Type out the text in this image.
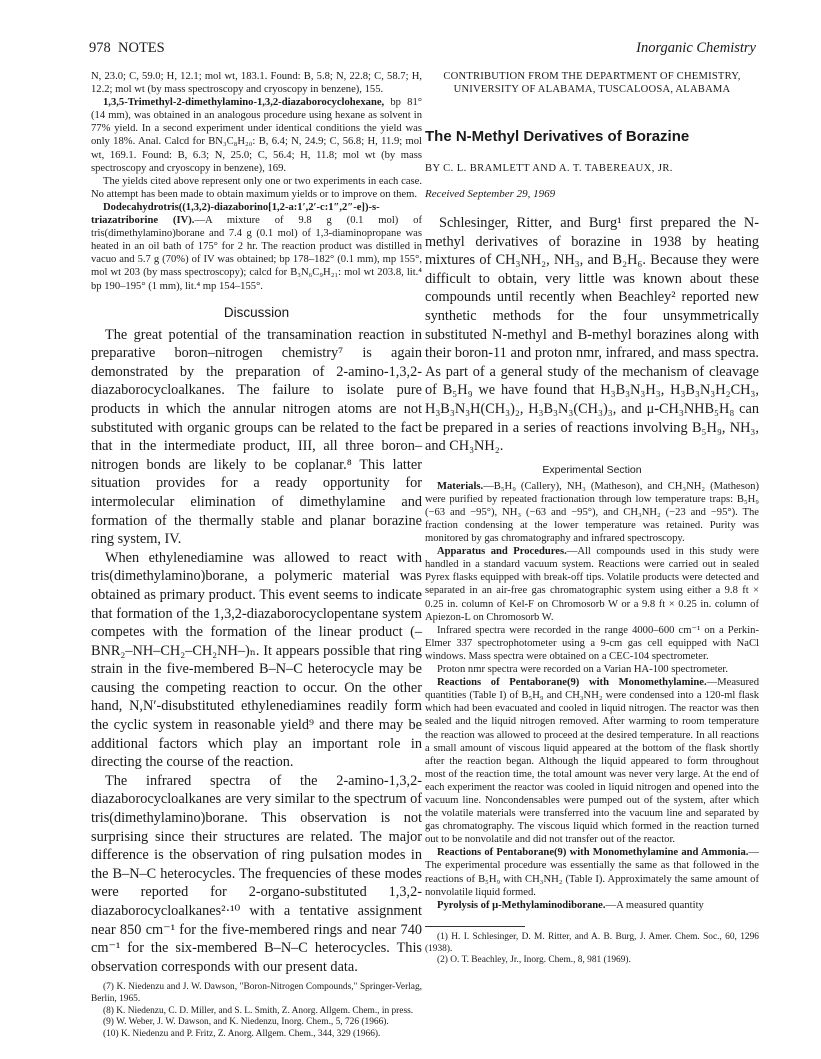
978 NOTES	Inorganic Chemistry

N, 23.0; C, 59.0; H, 12.1; mol wt, 183.1. Found: B, 5.8; N, 22.8; C, 58.7; H, 12.2; mol wt (by mass spectroscopy and cryoscopy in benzene), 155.

1,3,5-Trimethyl-2-dimethylamino-1,3,2-diazaborocyclohexane, bp 81° (14 mm), was obtained in an analogous procedure using hexane as solvent in 77% yield. In a second experiment under identical conditions the yield was only 18%. Anal. Calcd for BN₃C₈H₂₀: B, 6.4; N, 24.9; C, 56.8; H, 11.9; mol wt, 169.1. Found: B, 6.3; N, 25.0; C, 56.4; H, 11.8; mol wt (by mass spectroscopy and cryoscopy in benzene), 169.

The yields cited above represent only one or two experiments in each case. No attempt has been made to obtain maximum yields or to improve on them.

Dodecahydrotris((1,3,2)-diazaborino[1,2-a:1′,2′-c:1″,2″-e])-s-triazatriborine (IV).—A mixture of 9.8 g (0.1 mol) of tris(dimethylamino)borane and 7.4 g (0.1 mol) of 1,3-diaminopropane was heated in an oil bath of 175° for 2 hr. The reaction product was distilled in vacuo and 5.7 g (70%) of IV was obtained; bp 178–182° (0.1 mm), mp 155°, mol wt 203 (by mass spectroscopy); calcd for B₃N₆C₉H₂₁: mol wt 203.8, lit.⁴ bp 190–195° (1 mm), lit.⁴ mp 154–155°.

Discussion

The great potential of the transamination reaction in preparative boron–nitrogen chemistry⁷ is again demonstrated by the preparation of 2-amino-1,3,2-diazaborocycloalkanes. The failure to isolate pure products in which the annular nitrogen atoms are not substituted with organic groups can be related to the fact that in the intermediate product, III, all three boron–nitrogen bonds are likely to be coplanar.⁸ This latter situation provides for a ready opportunity for intermolecular elimination of dimethylamine and formation of the thermally stable and planar borazine ring system, IV.

When ethylenediamine was allowed to react with tris(dimethylamino)borane, a polymeric material was obtained as primary product. This event seems to indicate that formation of the 1,3,2-diazaborocyclopentane system competes with the formation of the linear product (–BNR₂–NH–CH₂–CH₂NH–)ₙ. It appears possible that ring strain in the five-membered B–N–C heterocycle may be causing the competing reaction to occur. On the other hand, N,N′-disubstituted ethylenediamines readily form the cyclic system in reasonable yield⁹ and there may be additional factors which play an important role in directing the course of the reaction.

The infrared spectra of the 2-amino-1,3,2-diazaborocycloalkanes are very similar to the spectrum of tris(dimethylamino)borane. This observation is not surprising since their structures are related. The major difference is the observation of ring pulsation modes in the B–N–C heterocycles. The frequencies of these modes were reported for 2-organo-substituted 1,3,2-diazaborocycloalkanes²·¹⁰ with a tentative assignment near 850 cm⁻¹ for the five-membered rings and near 740 cm⁻¹ for the six-membered B–N–C heterocycles. This observation corresponds with our present data.

(7) K. Niedenzu and J. W. Dawson, "Boron-Nitrogen Compounds," Springer-Verlag, Berlin, 1965.

(8) K. Niedenzu, C. D. Miller, and S. L. Smith, Z. Anorg. Allgem. Chem., in press.

(9) W. Weber, J. W. Dawson, and K. Niedenzu, Inorg. Chem., 5, 726 (1966).

(10) K. Niedenzu and P. Fritz, Z. Anorg. Allgem. Chem., 344, 329 (1966).

CONTRIBUTION FROM THE DEPARTMENT OF CHEMISTRY,
UNIVERSITY OF ALABAMA, TUSCALOOSA, ALABAMA
The N-Methyl Derivatives of Borazine
BY C. L. BRAMLETT AND A. T. TABEREAUX, JR.
Received September 29, 1969

Schlesinger, Ritter, and Burg¹ first prepared the N-methyl derivatives of borazine in 1938 by heating mixtures of CH₃NH₂, NH₃, and B₂H₆. Because they were difficult to obtain, very little was known about these compounds until recently when Beachley² reported new synthetic methods for the four unsymmetrically substituted N-methyl and B-methyl borazines along with their boron-11 and proton nmr, infrared, and mass spectra. As part of a general study of the mechanism of cleavage of B₅H₉ we have found that H₃B₃N₃H₃, H₃B₃N₃H₂CH₃, H₃B₃N₃H(CH₃)₂, H₃B₃N₃(CH₃)₃, and μ-CH₃NHB₅H₈ can be prepared in a series of reactions involving B₅H₉, NH₃, and CH₃NH₂.

Experimental Section

Materials.—B₅H₉ (Callery), NH₃ (Matheson), and CH₃NH₂ (Matheson) were purified by repeated fractionation through low temperature traps: B₅H₉ (−63 and −95°), NH₃ (−63 and −95°), and CH₃NH₂ (−23 and −95°). The fraction condensing at the lower temperature was retained. Purity was monitored by gas chromatography and infrared spectroscopy.

Apparatus and Procedures.—All compounds used in this study were handled in a standard vacuum system. Reactions were carried out in sealed Pyrex flasks equipped with break-off tips. Volatile products were detected and separated in an air-free gas chromatographic system using either a 9.8 ft × 0.25 in. column of Kel-F on Chromosorb W or a 9.8 ft × 0.25 in. column of Apiezon-L on Chromosorb W.

Infrared spectra were recorded in the range 4000–600 cm⁻¹ on a Perkin-Elmer 337 spectrophotometer using a 9-cm gas cell equipped with NaCl windows. Mass spectra were obtained on a CEC-104 spectrometer.

Proton nmr spectra were recorded on a Varian HA-100 spectrometer.

Reactions of Pentaborane(9) with Monomethylamine.—Measured quantities (Table I) of B₅H₉ and CH₃NH₂ were condensed into a 120-ml flask which had been evacuated and cooled in liquid nitrogen. The reactor was then sealed and the liquid nitrogen removed. After warming to room temperature the reaction was allowed to proceed at the desired temperature. In all reactions a small amount of viscous liquid appeared at the bottom of the flask shortly after the reaction began. Although the liquid appeared to form throughout most of the reaction time, the total amount was never very large. At the end of each experiment the reactor was cooled in liquid nitrogen and opened into the vacuum line. Noncondensables were pumped out of the system, after which the volatile materials were transferred into the vacuum line and separated by gas chromatography. The viscous liquid which formed in the reaction turned out to be nonvolatile and did not transfer out of the reactor.

Reactions of Pentaborane(9) with Monomethylamine and Ammonia.—The experimental procedure was essentially the same as that followed in the reactions of B₅H₉ with CH₃NH₂ (Table I). Approximately the same amount of nonvolatile liquid formed.

Pyrolysis of μ-Methylaminodiborane.—A measured quantity

(1) H. I. Schlesinger, D. M. Ritter, and A. B. Burg, J. Amer. Chem. Soc., 60, 1296 (1938).

(2) O. T. Beachley, Jr., Inorg. Chem., 8, 981 (1969).
